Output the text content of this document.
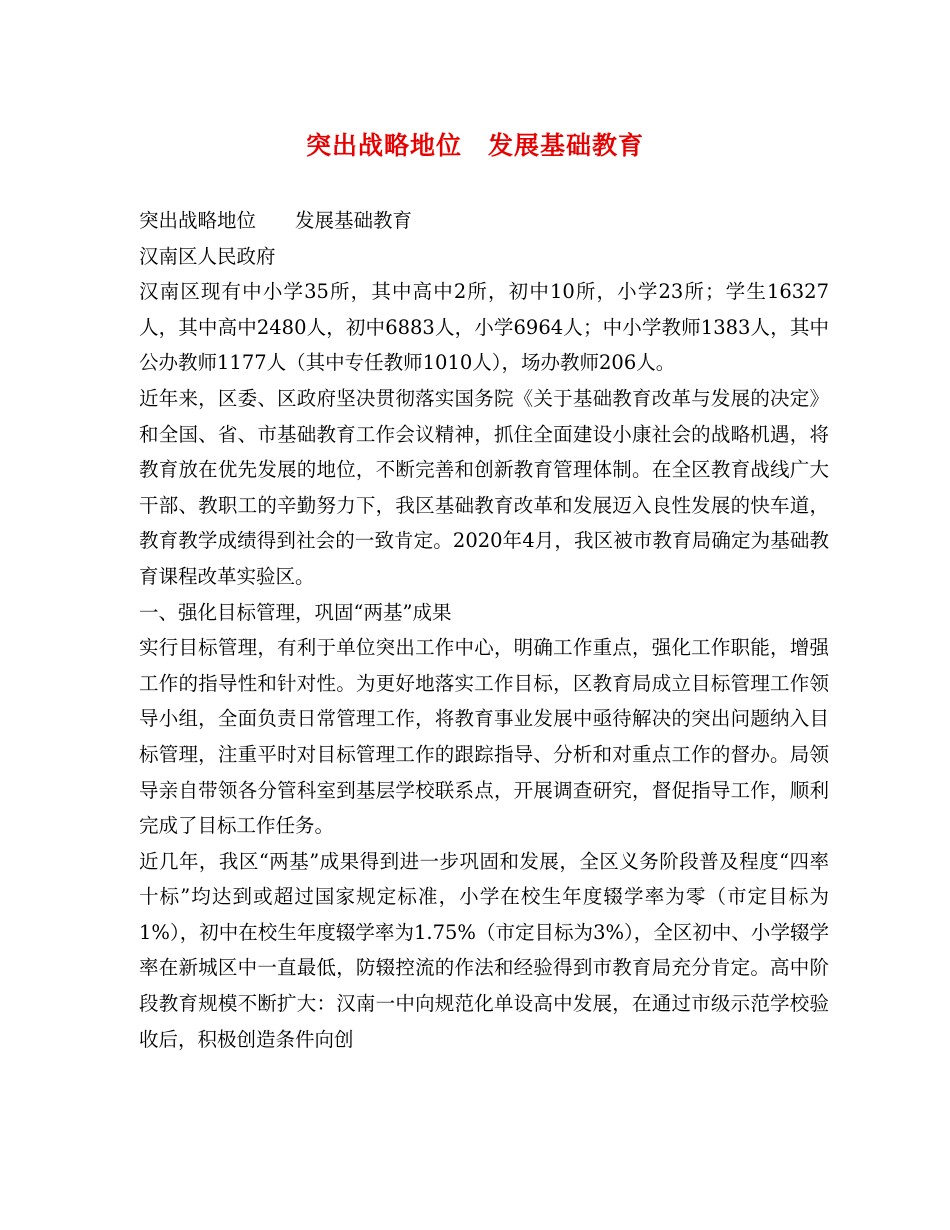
突出战略地位　发展基础教育

突出战略地位　　发展基础教育

汉南区人民政府

汉南区现有中小学35所，其中高中2所，初中10所，小学23所；学生16327人，其中高中2480人，初中6883人，小学6964人；中小学教师1383人，其中公办教师1177人（其中专任教师1010人），场办教师206人。

近年来，区委、区政府坚决贯彻落实国务院《关于基础教育改革与发展的决定》和全国、省、市基础教育工作会议精神，抓住全面建设小康社会的战略机遇，将教育放在优先发展的地位，不断完善和创新教育管理体制。在全区教育战线广大干部、教职工的辛勤努力下，我区基础教育改革和发展迈入良性发展的快车道，教育教学成绩得到社会的一致肯定。2020年4月，我区被市教育局确定为基础教育课程改革实验区。

一、强化目标管理，巩固“两基”成果

实行目标管理，有利于单位突出工作中心，明确工作重点，强化工作职能，增强工作的指导性和针对性。为更好地落实工作目标，区教育局成立目标管理工作领导小组，全面负责日常管理工作，将教育事业发展中亟待解决的突出问题纳入目标管理，注重平时对目标管理工作的跟踪指导、分析和对重点工作的督办。局领导亲自带领各分管科室到基层学校联系点，开展调查研究，督促指导工作，顺利完成了目标工作任务。

近几年，我区“两基”成果得到进一步巩固和发展，全区义务阶段普及程度“四率十标”均达到或超过国家规定标准，小学在校生年度辍学率为零（市定目标为1%），初中在校生年度辍学率为1.75%（市定目标为3%），全区初中、小学辍学率在新城区中一直最低，防辍控流的作法和经验得到市教育局充分肯定。高中阶段教育规模不断扩大：汉南一中向规范化单设高中发展，在通过市级示范学校验收后，积极创造条件向创
